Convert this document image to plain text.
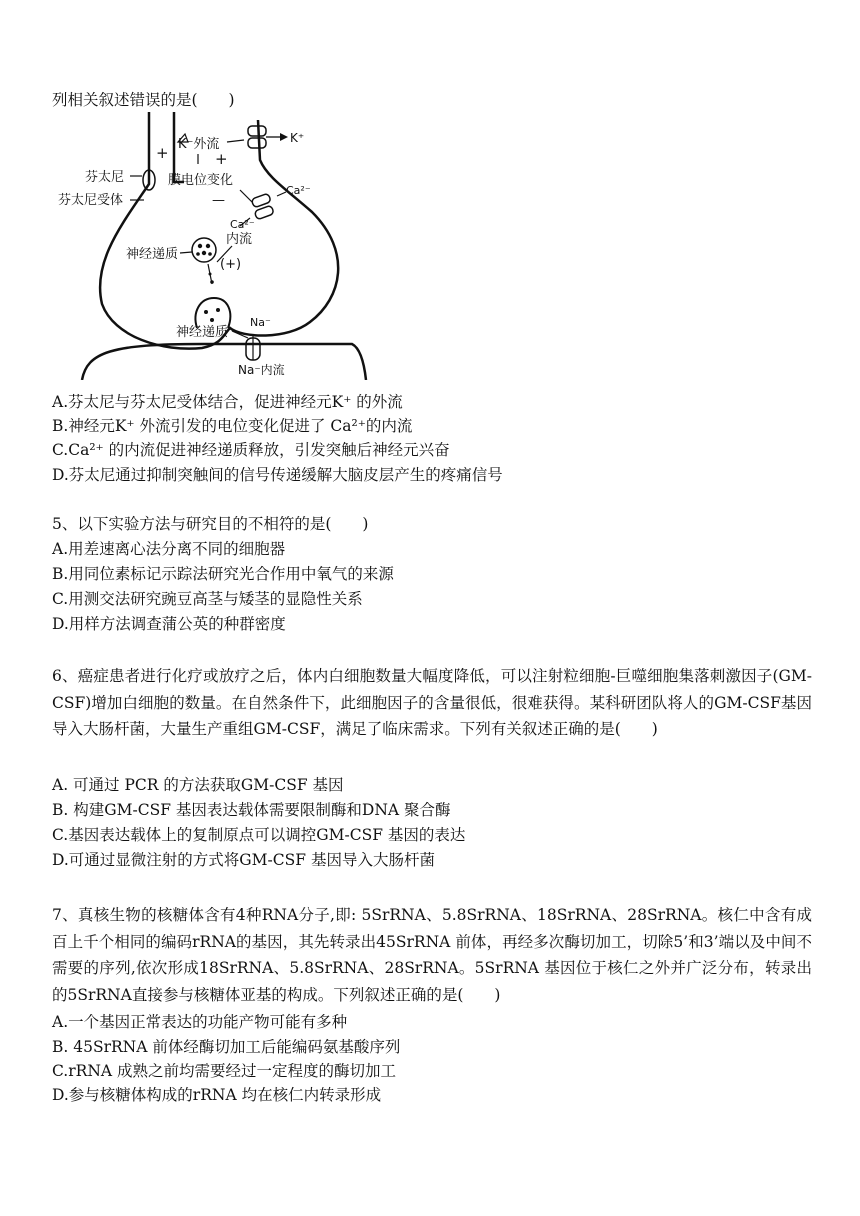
列相关叙述错误的是(　　)
芬太尼
芬太尼受体
K⁺
K⁻外流
+	+
膜电位变化
—
Ca²⁻
Ca²⁻
内流
神经递质
(+)
神经递质
Na⁻
Na⁻内流
A.芬太尼与芬太尼受体结合，促进神经元K⁺ 的外流
B.神经元K⁺ 外流引发的电位变化促进了 Ca²⁺的内流
C.Ca²⁺ 的内流促进神经递质释放，引发突触后神经元兴奋
D.芬太尼通过抑制突触间的信号传递缓解大脑皮层产生的疼痛信号
5、以下实验方法与研究目的不相符的是(　　)
A.用差速离心法分离不同的细胞器
B.用同位素标记示踪法研究光合作用中氧气的来源
C.用测交法研究豌豆高茎与矮茎的显隐性关系
D.用样方法调查蒲公英的种群密度
6、癌症患者进行化疗或放疗之后，体内白细胞数量大幅度降低，可以注射粒细胞-巨噬细胞集落刺激因子(GM-CSF)增加白细胞的数量。在自然条件下，此细胞因子的含量很低，很难获得。某科研团队将人的GM-CSF基因导入大肠杆菌，大量生产重组GM-CSF，满足了临床需求。下列有关叙述正确的是(　　)
A. 可通过 PCR 的方法获取GM-CSF 基因
B. 构建GM-CSF 基因表达载体需要限制酶和DNA 聚合酶
C.基因表达载体上的复制原点可以调控GM-CSF 基因的表达
D.可通过显微注射的方式将GM-CSF 基因导入大肠杆菌
7、真核生物的核糖体含有4种RNA分子,即: 5SrRNA、5.8SrRNA、18SrRNA、28SrRNA。核仁中含有成百上千个相同的编码rRNA的基因，其先转录出45SrRNA 前体，再经多次酶切加工，切除5’和3’端以及中间不需要的序列,依次形成18SrRNA、5.8SrRNA、28SrRNA。5SrRNA 基因位于核仁之外并广泛分布，转录出的5SrRNA直接参与核糖体亚基的构成。下列叙述正确的是(　　)
A.一个基因正常表达的功能产物可能有多种
B. 45SrRNA 前体经酶切加工后能编码氨基酸序列
C.rRNA 成熟之前均需要经过一定程度的酶切加工
D.参与核糖体构成的rRNA 均在核仁内转录形成
